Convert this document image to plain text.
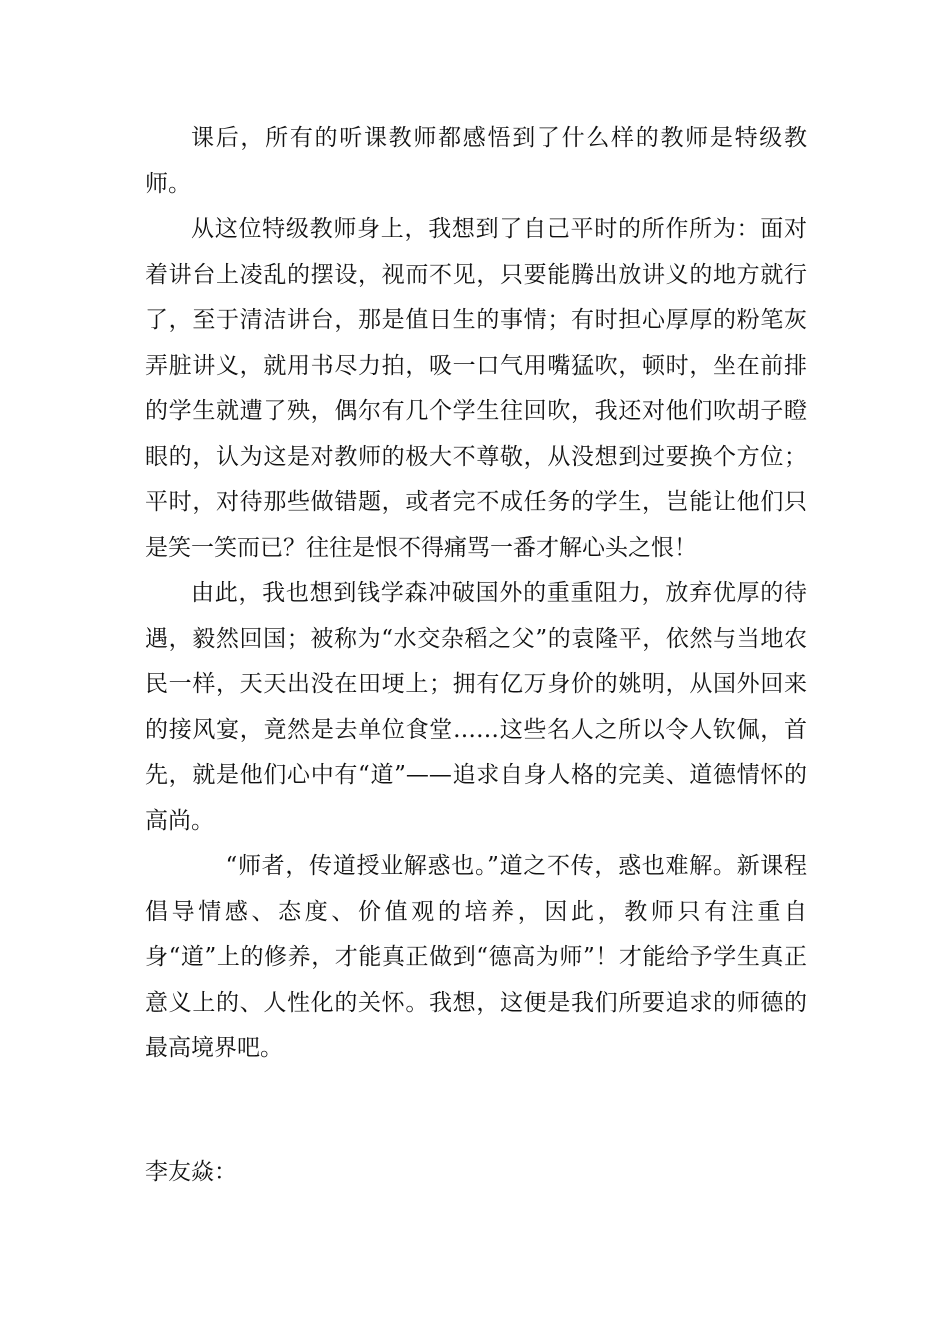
课后，所有的听课教师都感悟到了什么样的教师是特级教师。

从这位特级教师身上，我想到了自己平时的所作所为：面对着讲台上凌乱的摆设，视而不见，只要能腾出放讲义的地方就行了，至于清洁讲台，那是值日生的事情；有时担心厚厚的粉笔灰弄脏讲义，就用书尽力拍，吸一口气用嘴猛吹，顿时，坐在前排的学生就遭了殃，偶尔有几个学生往回吹，我还对他们吹胡子瞪眼的，认为这是对教师的极大不尊敬，从没想到过要换个方位；平时，对待那些做错题，或者完不成任务的学生，岂能让他们只是笑一笑而已？往往是恨不得痛骂一番才解心头之恨！

由此，我也想到钱学森冲破国外的重重阻力，放弃优厚的待遇，毅然回国；被称为“水交杂稻之父”的袁隆平，依然与当地农民一样，天天出没在田埂上；拥有亿万身价的姚明，从国外回来的接风宴，竟然是去单位食堂……这些名人之所以令人钦佩，首先，就是他们心中有“道”——追求自身人格的完美、道德情怀的高尚。

“师者，传道授业解惑也。”道之不传，惑也难解。新课程倡导情感、态度、价值观的培养，因此，教师只有注重自身“道”上的修养，才能真正做到“德高为师”！才能给予学生真正意义上的、人性化的关怀。我想，这便是我们所要追求的师德的最高境界吧。

李友焱：
